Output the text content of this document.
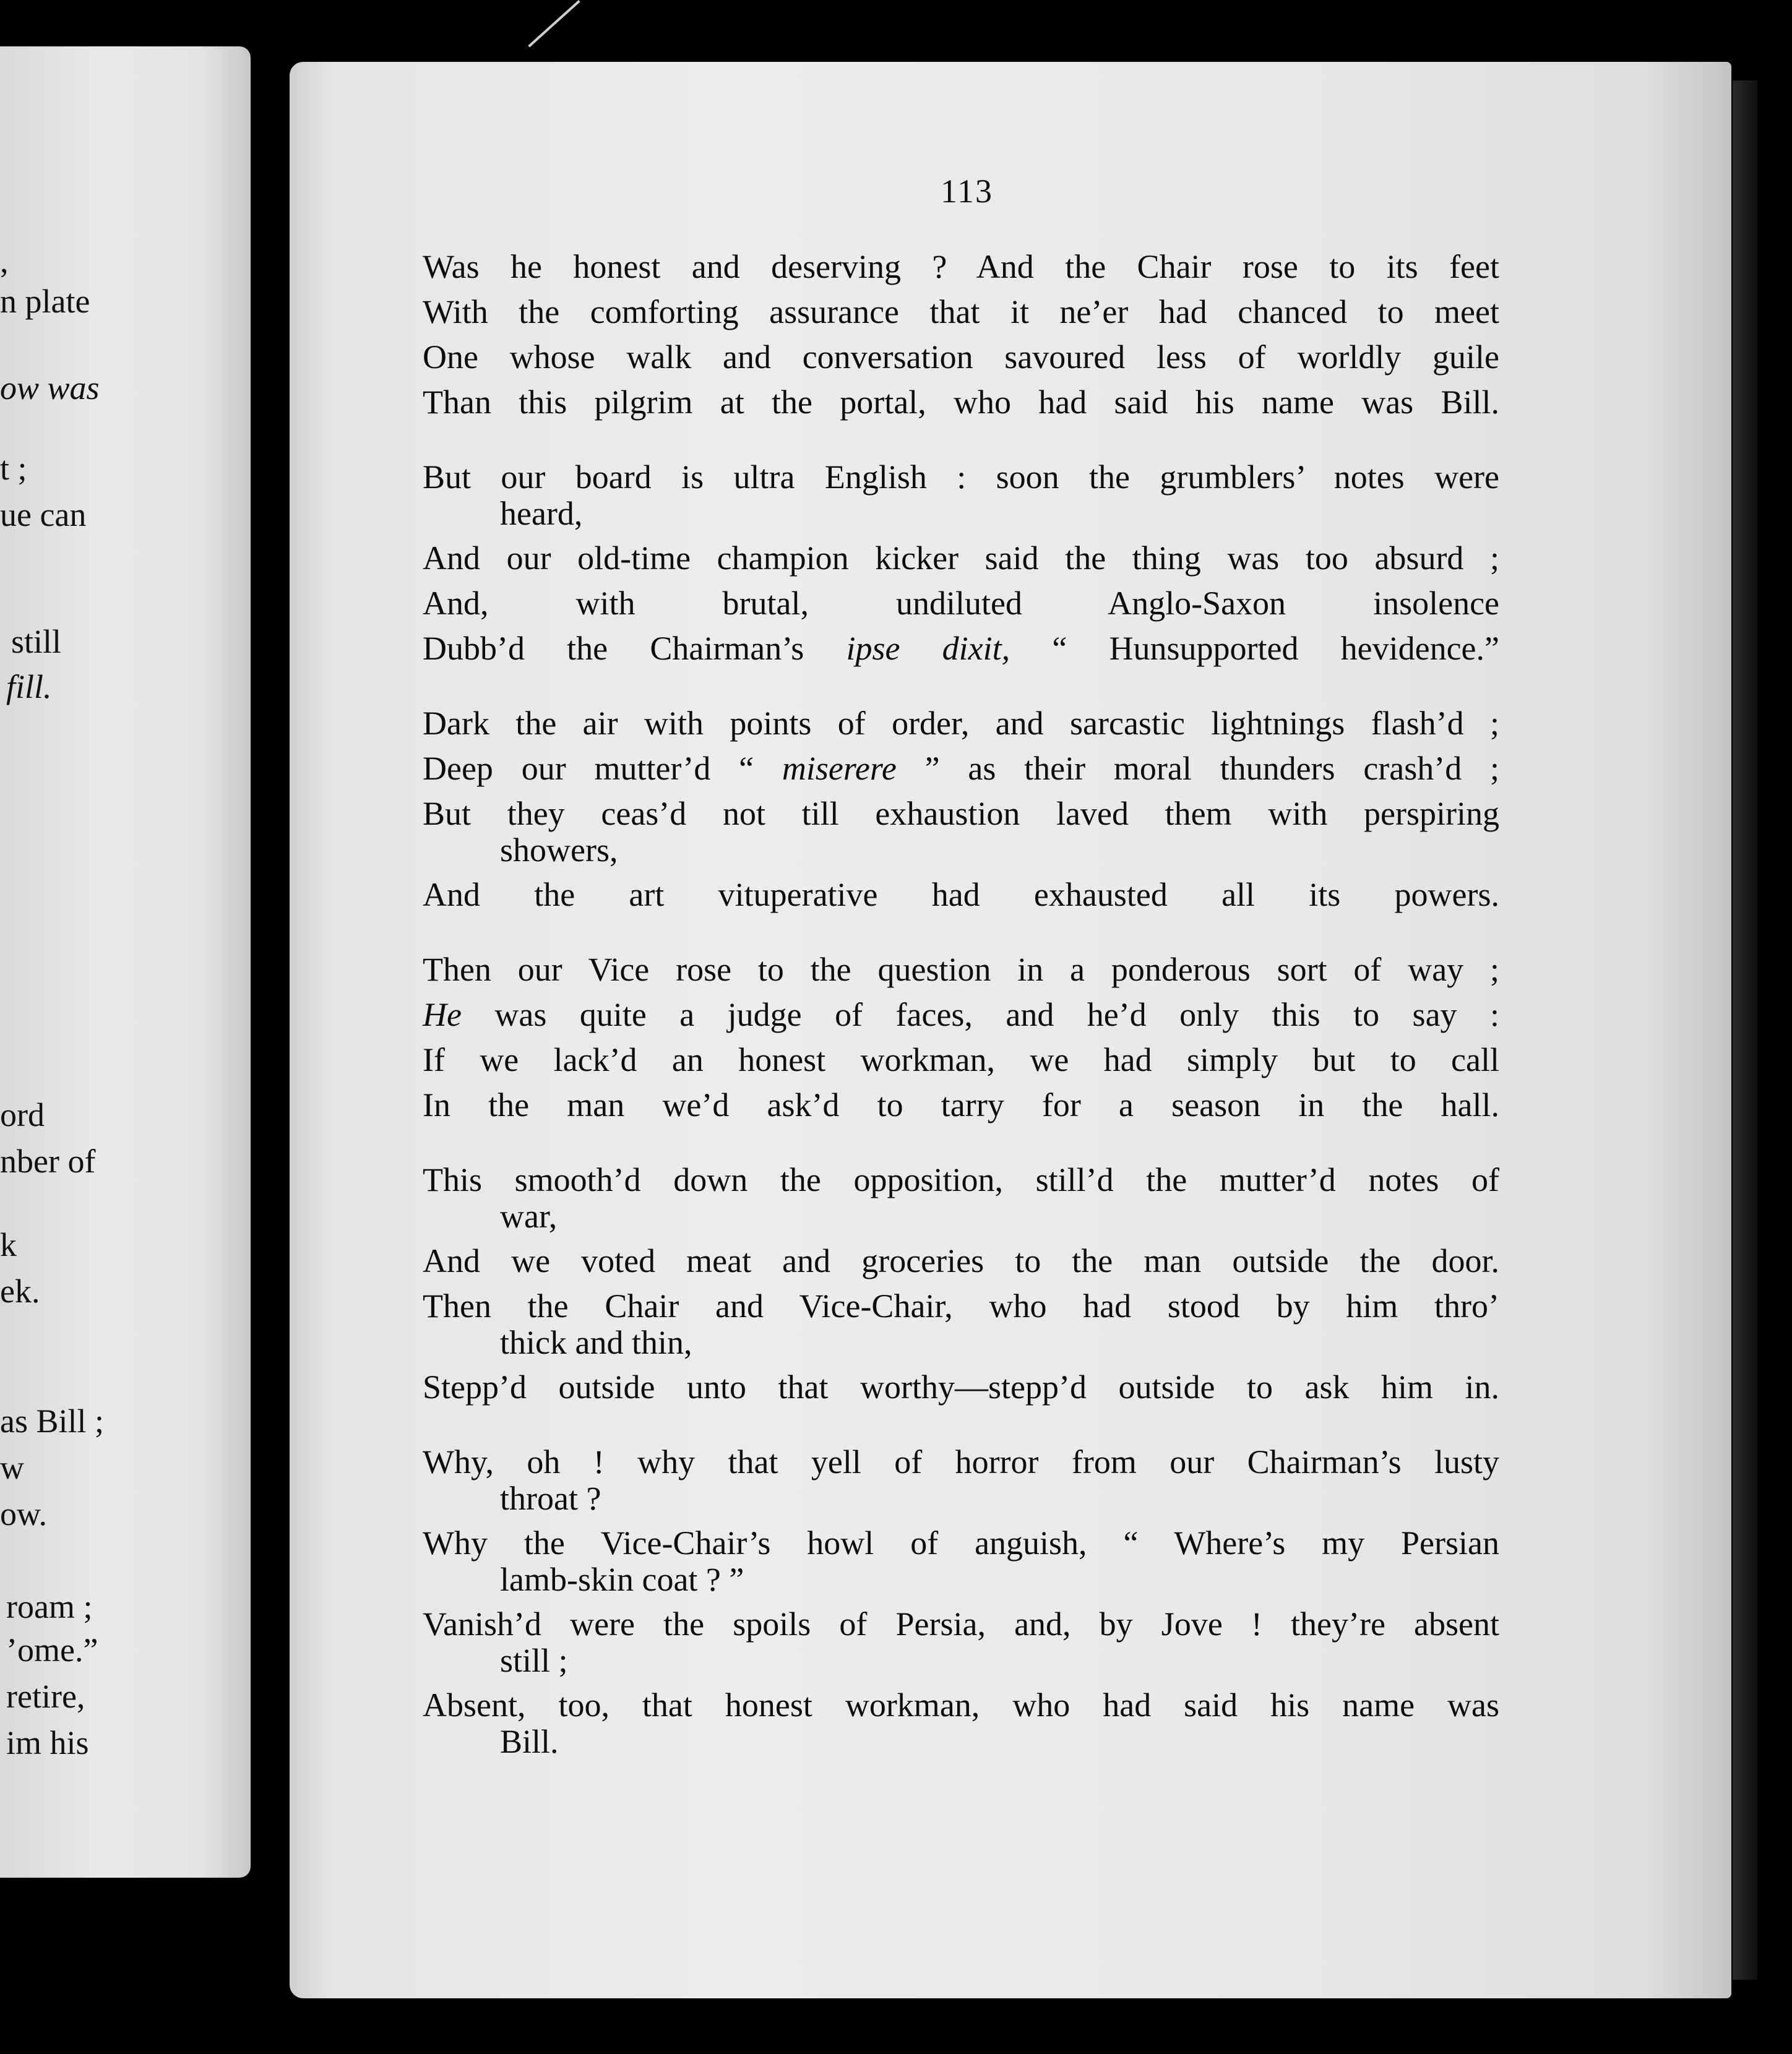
,
n plate
ow was
t ;
ue can
still
fill.
ord
nber of
k
ek.
as Bill ;
w
ow.
roam ;
’ome.”
retire,
im his
113
Was he honest and deserving ? And the Chair rose to its feet
With the comforting assurance that it ne’er had chanced to meet
One whose walk and conversation savoured less of worldly guile
Than this pilgrim at the portal, who had said his name was Bill.
But our board is ultra English : soon the grumblers’ notes were
heard,
And our old-time champion kicker said the thing was too absurd ;
And, with brutal, undiluted Anglo-Saxon insolence
Dubb’d the Chairman’s ipse dixit, “ Hunsupported hevidence.”
Dark the air with points of order, and sarcastic lightnings flash’d ;
Deep our mutter’d “ miserere ” as their moral thunders crash’d ;
But they ceas’d not till exhaustion laved them with perspiring
showers,
And the art vituperative had exhausted all its powers.
Then our Vice rose to the question in a ponderous sort of way ;
He was quite a judge of faces, and he’d only this to say :
If we lack’d an honest workman, we had simply but to call
In the man we’d ask’d to tarry for a season in the hall.
This smooth’d down the opposition, still’d the mutter’d notes of
war,
And we voted meat and groceries to the man outside the door.
Then the Chair and Vice-Chair, who had stood by him thro’
thick and thin,
Stepp’d outside unto that worthy—stepp’d outside to ask him in.
Why, oh ! why that yell of horror from our Chairman’s lusty
throat ?
Why the Vice-Chair’s howl of anguish, “ Where’s my Persian
lamb-skin coat ? ”
Vanish’d were the spoils of Persia, and, by Jove ! they’re absent
still ;
Absent, too, that honest workman, who had said his name was
Bill.
